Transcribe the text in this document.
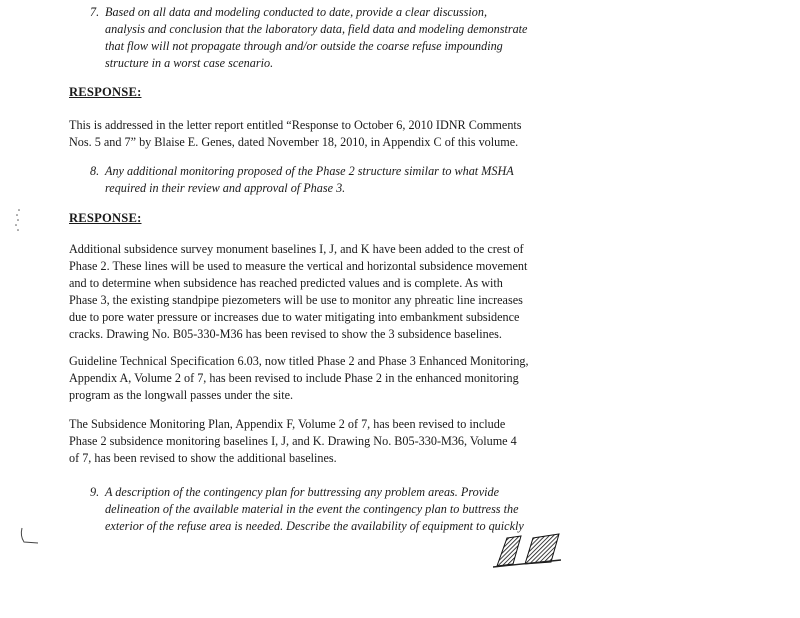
7. Based on all data and modeling conducted to date, provide a clear discussion, analysis and conclusion that the laboratory data, field data and modeling demonstrate that flow will not propagate through and/or outside the coarse refuse impounding structure in a worst case scenario.
RESPONSE:
This is addressed in the letter report entitled “Response to October 6, 2010 IDNR Comments Nos. 5 and 7” by Blaise E. Genes, dated November 18, 2010, in Appendix C of this volume.
8. Any additional monitoring proposed of the Phase 2 structure similar to what MSHA required in their review and approval of Phase 3.
RESPONSE:
Additional subsidence survey monument baselines I, J, and K have been added to the crest of Phase 2. These lines will be used to measure the vertical and horizontal subsidence movement and to determine when subsidence has reached predicted values and is complete. As with Phase 3, the existing standpipe piezometers will be use to monitor any phreatic line increases due to pore water pressure or increases due to water mitigating into embankment subsidence cracks. Drawing No. B05-330-M36 has been revised to show the 3 subsidence baselines.
Guideline Technical Specification 6.03, now titled Phase 2 and Phase 3 Enhanced Monitoring, Appendix A, Volume 2 of 7, has been revised to include Phase 2 in the enhanced monitoring program as the longwall passes under the site.
The Subsidence Monitoring Plan, Appendix F, Volume 2 of 7, has been revised to include Phase 2 subsidence monitoring baselines I, J, and K. Drawing No. B05-330-M36, Volume 4 of 7, has been revised to show the additional baselines.
9. A description of the contingency plan for buttressing any problem areas. Provide delineation of the available material in the event the contingency plan to buttress the exterior of the refuse area is needed. Describe the availability of equipment to quickly
